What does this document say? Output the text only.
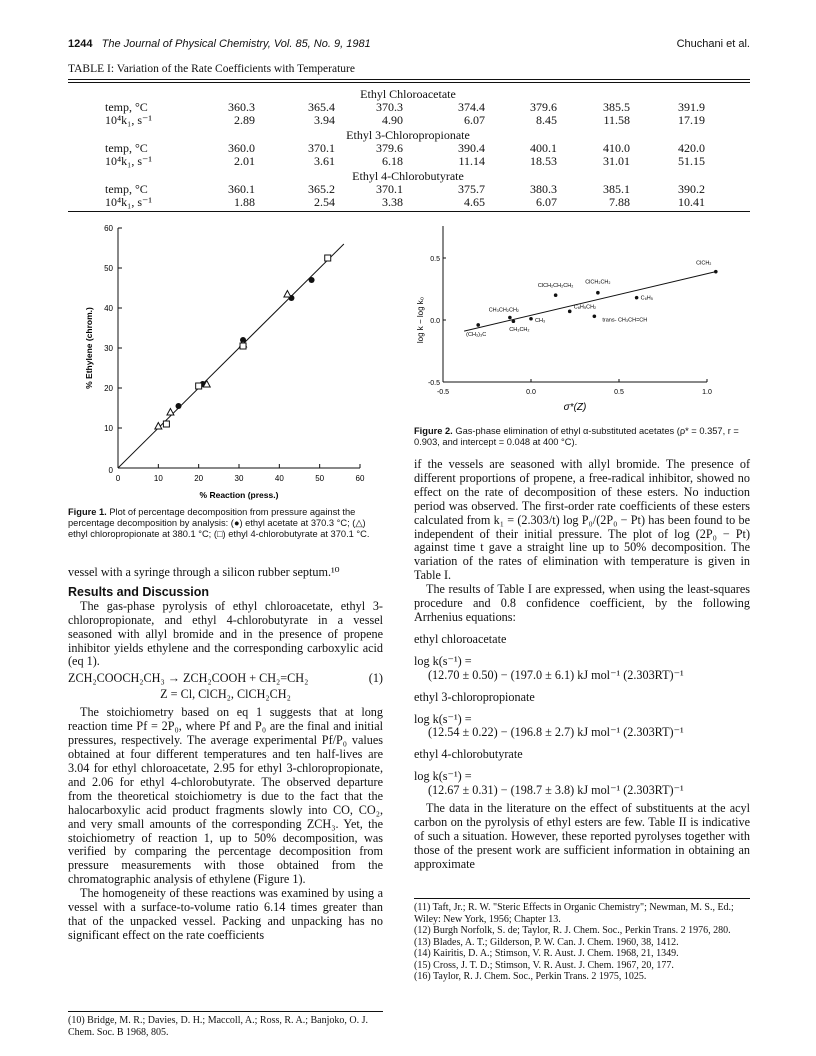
1244 The Journal of Physical Chemistry, Vol. 85, No. 9, 1981	Chuchani et al.
TABLE I: Variation of the Rate Coefficients with Temperature
Ethyl Chloroacetate
temp, °C	360.3	365.4	370.3	374.4	379.6	385.5	391.9
10⁴k₁, s⁻¹	2.89	3.94	4.90	6.07	8.45	11.58	17.19
Ethyl 3-Chloropropionate
temp, °C	360.0	370.1	379.6	390.4	400.1	410.0	420.0
10⁴k₁, s⁻¹	2.01	3.61	6.18	11.14	18.53	31.01	51.15
Ethyl 4-Chlorobutyrate
temp, °C	360.1	365.2	370.1	375.7	380.3	385.1	390.2
10⁴k₁, s⁻¹	1.88	2.54	3.38	4.65	6.07	7.88	10.41
0	10	20	30	40	50	60
10
20
30
40
50
60
0
% Reaction (press.)
% Ethylene (chrom.)
Figure 1. Plot of percentage decomposition from pressure against the percentage decomposition by analysis: (●) ethyl acetate at 370.3 °C; (△) ethyl chloropropionate at 380.1 °C; (□) ethyl 4-chlorobutyrate at 370.1 °C.
-0.5	0.0	0.5	1.0
0.5
0.0
-0.5
log k − log k₀
σ*(Z)
(CH₃)₃C
CH₃CH₂CH₂
CH₃CH₂
CH₃
C₆H₅CH₂
trans- CH₃CH=CH
ClCH₂CH₂CH₂
ClCH₂CH₂
C₆H₅
ClCH₂
Figure 2. Gas-phase elimination of ethyl α-substituted acetates (ρ* = 0.357, r = 0.903, and intercept = 0.048 at 400 °C).

vessel with a syringe through a silicon rubber septum.¹⁰

Results and Discussion

The gas-phase pyrolysis of ethyl chloroacetate, ethyl 3-chloropropionate, and ethyl 4-chlorobutyrate in a vessel seasoned with allyl bromide and in the presence of propene inhibitor yields ethylene and the corresponding carboxylic acid (eq 1).

ZCH₂COOCH₂CH₃ → ZCH₂COOH + CH₂=CH₂	(1)
Z = Cl, ClCH₂, ClCH₂CH₂

The stoichiometry based on eq 1 suggests that at long reaction time Pf = 2P₀, where Pf and P₀ are the final and initial pressures, respectively. The average experimental Pf/P₀ values obtained at four different temperatures and ten half-lives are 3.04 for ethyl chloroacetate, 2.95 for ethyl 3-chloropropionate, and 2.06 for ethyl 4-chlorobutyrate. The observed departure from the theoretical stoichiometry is due to the fact that the halocarboxylic acid product fragments slowly into CO, CO₂, and very small amounts of the corresponding ZCH₃. Yet, the stoichiometry of reaction 1, up to 50% decomposition, was verified by comparing the percentage decomposition from pressure measurements with those obtained from the chromatographic analysis of ethylene (Figure 1).

The homogeneity of these reactions was examined by using a vessel with a surface-to-volume ratio 6.14 times greater than that of the unpacked vessel. Packing and unpacking has no significant effect on the rate coefficients

(10) Bridge, M. R.; Davies, D. H.; Maccoll, A.; Ross, R. A.; Banjoko, O. J. Chem. Soc. B 1968, 805.

if the vessels are seasoned with allyl bromide. The presence of different proportions of propene, a free-radical inhibitor, showed no effect on the rate of decomposition of these esters. No induction period was observed. The first-order rate coefficients of these esters calculated from k₁ = (2.303/t) log P₀/(2P₀ − Pt) has been found to be independent of their initial pressure. The plot of log (2P₀ − Pt) against time t gave a straight line up to 50% decomposition. The variation of the rates of elimination with temperature is given in Table I.

The results of Table I are expressed, when using the least-squares procedure and 0.8 confidence coefficient, by the following Arrhenius equations:

ethyl chloroacetate
log k(s⁻¹) =
(12.70 ± 0.50) − (197.0 ± 6.1) kJ mol⁻¹ (2.303RT)⁻¹
ethyl 3-chloropropionate
log k(s⁻¹) =
(12.54 ± 0.22) − (196.8 ± 2.7) kJ mol⁻¹ (2.303RT)⁻¹
ethyl 4-chlorobutyrate
log k(s⁻¹) =
(12.67 ± 0.31) − (198.7 ± 3.8) kJ mol⁻¹ (2.303RT)⁻¹

The data in the literature on the effect of substituents at the acyl carbon on the pyrolysis of ethyl esters are few. Table II is indicative of such a situation. However, these reported pyrolyses together with those of the present work are sufficient information in obtaining an approximate

(11) Taft, Jr.; R. W. "Steric Effects in Organic Chemistry"; Newman, M. S., Ed.; Wiley: New York, 1956; Chapter 13.
(12) Burgh Norfolk, S. de; Taylor, R. J. Chem. Soc., Perkin Trans. 2 1976, 280.
(13) Blades, A. T.; Gilderson, P. W. Can. J. Chem. 1960, 38, 1412.
(14) Kairitis, D. A.; Stimson, V. R. Aust. J. Chem. 1968, 21, 1349.
(15) Cross, J. T. D.; Stimson, V. R. Aust. J. Chem. 1967, 20, 177.
(16) Taylor, R. J. Chem. Soc., Perkin Trans. 2 1975, 1025.
